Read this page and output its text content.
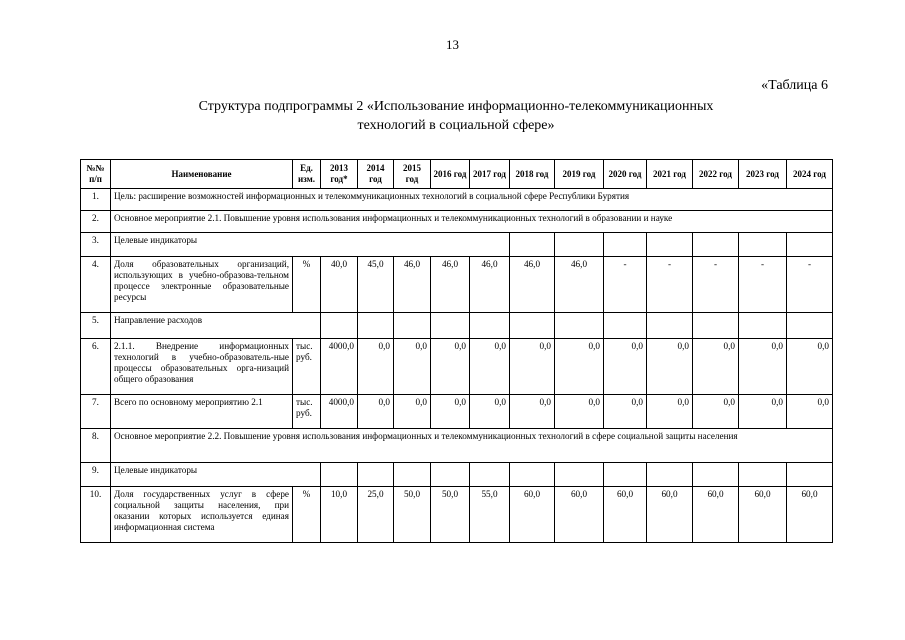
13
«Таблица 6
Структура подпрограммы 2 «Использование информационно-телекоммуникационных
технологий в социальной сфере»
№№ п/п	Наименование	Ед. изм.	2013 год*	2014 год	2015 год	2016 год	2017 год	2018 год	2019 год	2020 год	2021 год	2022 год	2023 год	2024 год
1.	Цель: расширение возможностей информационных и телекоммуникационных технологий в социальной сфере Республики Бурятия													
2.	Основное мероприятие 2.1. Повышение уровня использования информационных и телекоммуникационных технологий в образовании и науке													
3.	Целевые индикаторы													
4.	Доля образовательных организаций, использующих в учебно-образова-тельном процессе электронные образовательные ресурсы	%	40,0	45,0	46,0	46,0	46,0	46,0	46,0	-	-	-	-	-
5.	Направление расходов													
6.	2.1.1. Внедрение информационных технологий в учебно-образователь-ные процессы образовательных орга-низаций общего образования	тыс. руб.	4000,0	0,0	0,0	0,0	0,0	0,0	0,0	0,0	0,0	0,0	0,0	0,0
7.	Всего по основному мероприятию 2.1	тыс. руб.	4000,0	0,0	0,0	0,0	0,0	0,0	0,0	0,0	0,0	0,0	0,0	0,0
8.	Основное мероприятие 2.2. Повышение уровня использования информационных и телекоммуникационных технологий в сфере социальной защиты населения													
9.	Целевые индикаторы													
10.	Доля государственных услуг в сфере социальной защиты населения, при оказании которых используется единая информационная система	%	10,0	25,0	50,0	50,0	55,0	60,0	60,0	60,0	60,0	60,0	60,0	60,0
